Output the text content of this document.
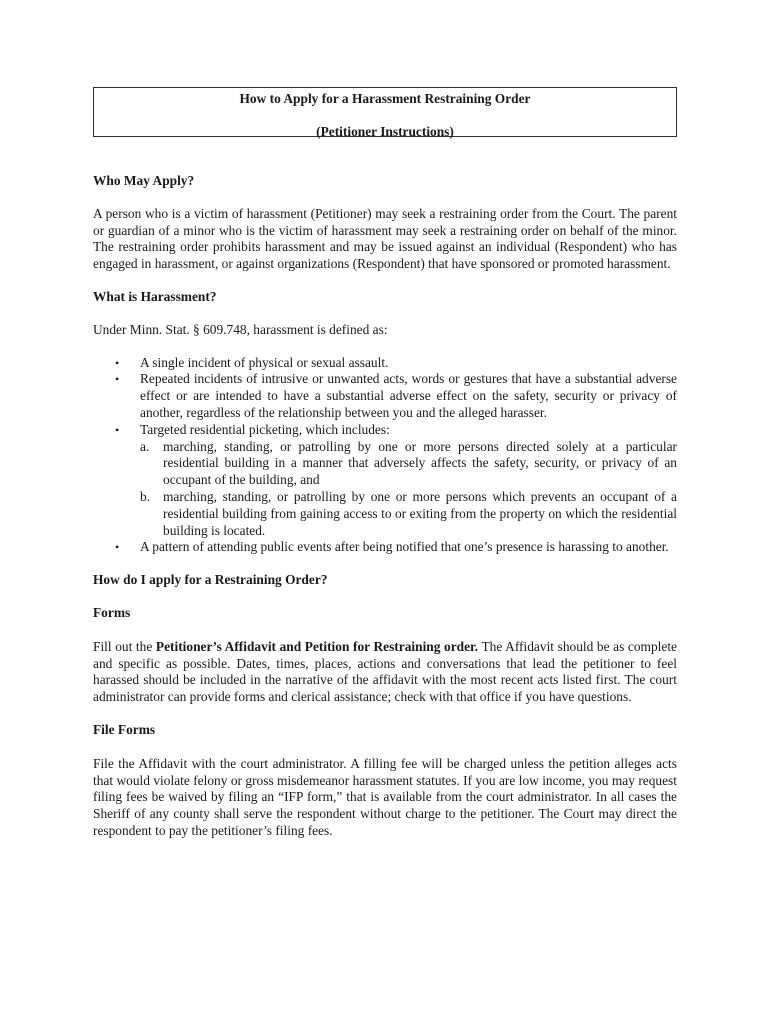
How to Apply for a Harassment Restraining Order
(Petitioner Instructions)
Who May Apply?

A person who is a victim of harassment (Petitioner) may seek a restraining order from the Court. The parent or guardian of a minor who is the victim of harassment may seek a restraining order on behalf of the minor. The restraining order prohibits harassment and may be issued against an individual (Respondent) who has engaged in harassment, or against organizations (Respondent) that have sponsored or promoted harassment.

What is Harassment?

Under Minn. Stat. § 609.748, harassment is defined as:

• A single incident of physical or sexual assault.
• Repeated incidents of intrusive or unwanted acts, words or gestures that have a substantial adverse effect or are intended to have a substantial adverse effect on the safety, security or privacy of another, regardless of the relationship between you and the alleged harasser.
• Targeted residential picketing, which includes:
a. marching, standing, or patrolling by one or more persons directed solely at a particular residential building in a manner that adversely affects the safety, security, or privacy of an occupant of the building, and
b. marching, standing, or patrolling by one or more persons which prevents an occupant of a residential building from gaining access to or exiting from the property on which the residential building is located.
• A pattern of attending public events after being notified that one’s presence is harassing to another.
How do I apply for a Restraining Order?
Forms

Fill out the Petitioner’s Affidavit and Petition for Restraining order. The Affidavit should be as complete and specific as possible. Dates, times, places, actions and conversations that lead the petitioner to feel harassed should be included in the narrative of the affidavit with the most recent acts listed first. The court administrator can provide forms and clerical assistance; check with that office if you have questions.

File Forms

File the Affidavit with the court administrator. A filling fee will be charged unless the petition alleges acts that would violate felony or gross misdemeanor harassment statutes. If you are low income, you may request filing fees be waived by filing an “IFP form,” that is available from the court administrator. In all cases the Sheriff of any county shall serve the respondent without charge to the petitioner. The Court may direct the respondent to pay the petitioner’s filing fees.
